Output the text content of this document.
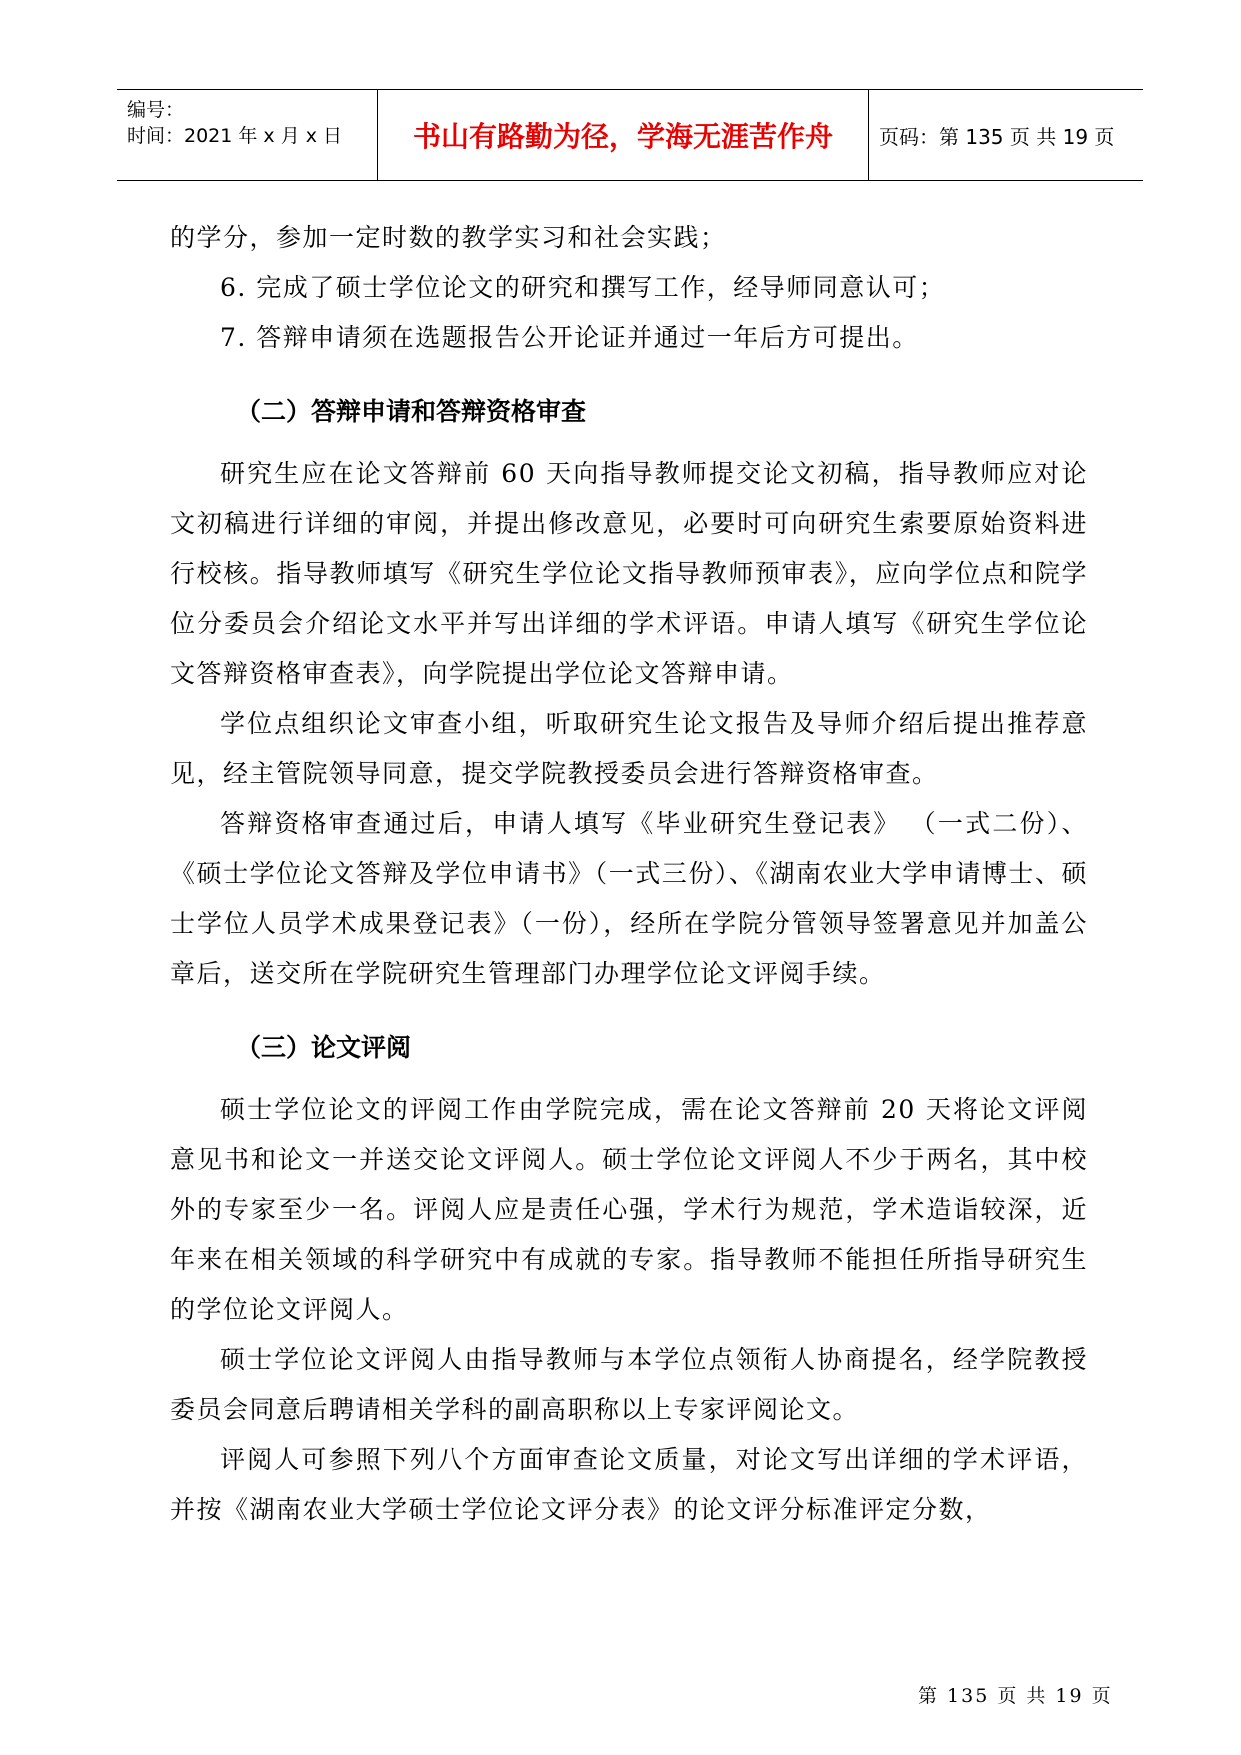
编号：
时间：2021 年 x 月 x 日	书山有路勤为径，学海无涯苦作舟	页码：第 135 页 共 19 页

的学分，参加一定时数的教学实习和社会实践；

6. 完成了硕士学位论文的研究和撰写工作，经导师同意认可；

7. 答辩申请须在选题报告公开论证并通过一年后方可提出。

（二）答辩申请和答辩资格审查

研究生应在论文答辩前 60 天向指导教师提交论文初稿，指导教师应对论文初稿进行详细的审阅，并提出修改意见，必要时可向研究生索要原始资料进行校核。指导教师填写《研究生学位论文指导教师预审表》，应向学位点和院学位分委员会介绍论文水平并写出详细的学术评语。申请人填写《研究生学位论文答辩资格审查表》，向学院提出学位论文答辩申请。

学位点组织论文审查小组，听取研究生论文报告及导师介绍后提出推荐意见，经主管院领导同意，提交学院教授委员会进行答辩资格审查。

答辩资格审查通过后，申请人填写《毕业研究生登记表》 （一式二份）、《硕士学位论文答辩及学位申请书》（一式三份）、《湖南农业大学申请博士、硕士学位人员学术成果登记表》（一份），经所在学院分管领导签署意见并加盖公章后，送交所在学院研究生管理部门办理学位论文评阅手续。

（三）论文评阅

硕士学位论文的评阅工作由学院完成，需在论文答辩前 20 天将论文评阅意见书和论文一并送交论文评阅人。硕士学位论文评阅人不少于两名，其中校外的专家至少一名。评阅人应是责任心强，学术行为规范，学术造诣较深，近年来在相关领域的科学研究中有成就的专家。指导教师不能担任所指导研究生的学位论文评阅人。

硕士学位论文评阅人由指导教师与本学位点领衔人协商提名，经学院教授委员会同意后聘请相关学科的副高职称以上专家评阅论文。

评阅人可参照下列八个方面审查论文质量，对论文写出详细的学术评语，并按《湖南农业大学硕士学位论文评分表》的论文评分标准评定分数，

第 135 页 共 19 页
